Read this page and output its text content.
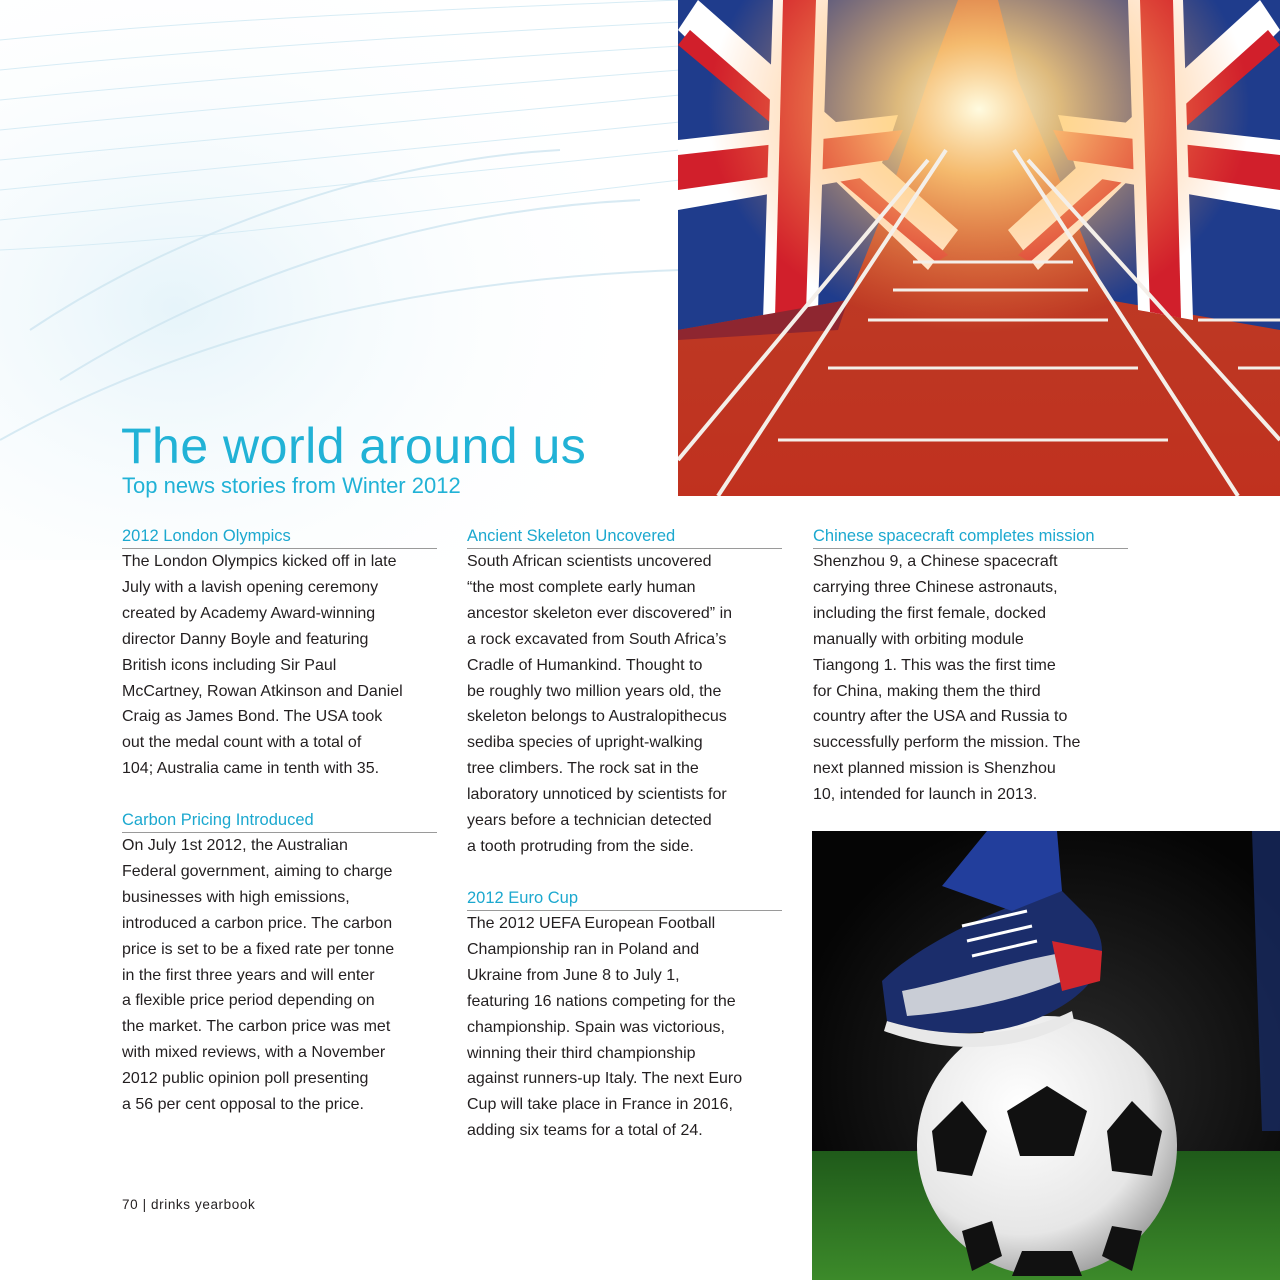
The world around us
Top news stories from Winter 2012
2012 London Olympics

The London Olympics kicked off in late
July with a lavish opening ceremony
created by Academy Award-winning
director Danny Boyle and featuring
British icons including Sir Paul
McCartney, Rowan Atkinson and Daniel
Craig as James Bond. The USA took
out the medal count with a total of
104; Australia came in tenth with 35.

Carbon Pricing Introduced

On July 1st 2012, the Australian
Federal government, aiming to charge
businesses with high emissions,
introduced a carbon price. The carbon
price is set to be a fixed rate per tonne
in the first three years and will enter
a flexible price period depending on
the market. The carbon price was met
with mixed reviews, with a November
2012 public opinion poll presenting
a 56 per cent opposal to the price.

Ancient Skeleton Uncovered

South African scientists uncovered
“the most complete early human
ancestor skeleton ever discovered” in
a rock excavated from South Africa’s
Cradle of Humankind. Thought to
be roughly two million years old, the
skeleton belongs to Australopithecus
sediba species of upright-walking
tree climbers. The rock sat in the
laboratory unnoticed by scientists for
years before a technician detected
a tooth protruding from the side.

2012 Euro Cup

The 2012 UEFA European Football
Championship ran in Poland and
Ukraine from June 8 to July 1,
featuring 16 nations competing for the
championship. Spain was victorious,
winning their third championship
against runners-up Italy. The next Euro
Cup will take place in France in 2016,
adding six teams for a total of 24.

Chinese spacecraft completes mission

Shenzhou 9, a Chinese spacecraft
carrying three Chinese astronauts,
including the first female, docked
manually with orbiting module
Tiangong 1. This was the first time
for China, making them the third
country after the USA and Russia to
successfully perform the mission. The
next planned mission is Shenzhou
10, intended for launch in 2013.

70 | drinks yearbook
